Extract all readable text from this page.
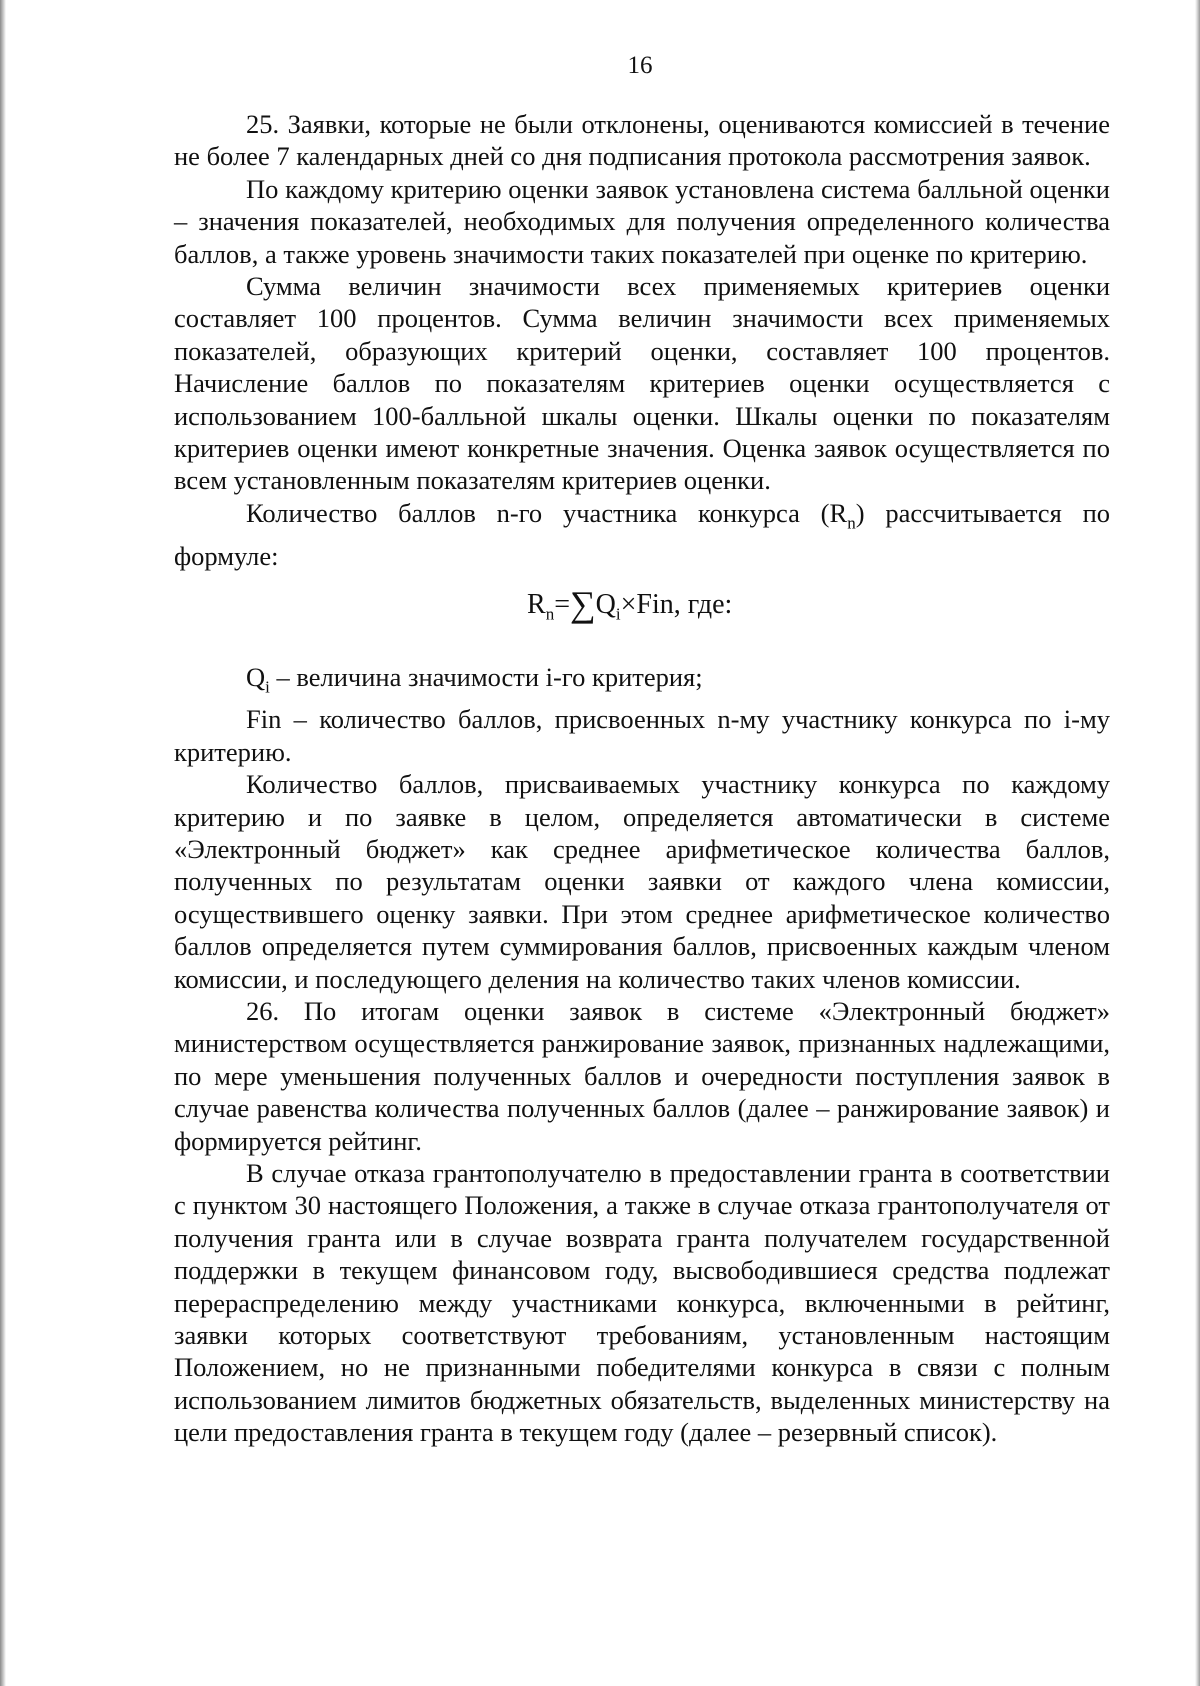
16

25. Заявки, которые не были отклонены, оцениваются комиссией в течение не более 7 календарных дней со дня подписания протокола рассмотрения заявок.

По каждому критерию оценки заявок установлена система балльной оценки – значения показателей, необходимых для получения определенного количества баллов, а также уровень значимости таких показателей при оценке по критерию.

Сумма величин значимости всех применяемых критериев оценки составляет 100 процентов. Сумма величин значимости всех применяемых показателей, образующих критерий оценки, составляет 100 процентов. Начисление баллов по показателям критериев оценки осуществляется с использованием 100-балльной шкалы оценки. Шкалы оценки по показателям критериев оценки имеют конкретные значения. Оценка заявок осуществляется по всем установленным показателям критериев оценки.

Количество баллов n-го участника конкурса $(R_n)$ рассчитывается по формуле:

$R_n=\sum Q_i\times Fin$, где:

$Q_i$ – величина значимости i-го критерия;

Fin – количество баллов, присвоенных n-му участнику конкурса по i-му критерию.

Количество баллов, присваиваемых участнику конкурса по каждому критерию и по заявке в целом, определяется автоматически в системе «Электронный бюджет» как среднее арифметическое количества баллов, полученных по результатам оценки заявки от каждого члена комиссии, осуществившего оценку заявки. При этом среднее арифметическое количество баллов определяется путем суммирования баллов, присвоенных каждым членом комиссии, и последующего деления на количество таких членов комиссии.

26. По итогам оценки заявок в системе «Электронный бюджет» министерством осуществляется ранжирование заявок, признанных надлежащими, по мере уменьшения полученных баллов и очередности поступления заявок в случае равенства количества полученных баллов (далее – ранжирование заявок) и формируется рейтинг.

В случае отказа грантополучателю в предоставлении гранта в соответствии с пунктом 30 настоящего Положения, а также в случае отказа грантополучателя от получения гранта или в случае возврата гранта получателем государственной поддержки в текущем финансовом году, высвободившиеся средства подлежат перераспределению между участниками конкурса, включенными в рейтинг, заявки которых соответствуют требованиям, установленным настоящим Положением, но не признанными победителями конкурса в связи с полным использованием лимитов бюджетных обязательств, выделенных министерству на цели предоставления гранта в текущем году (далее – резервный список).
